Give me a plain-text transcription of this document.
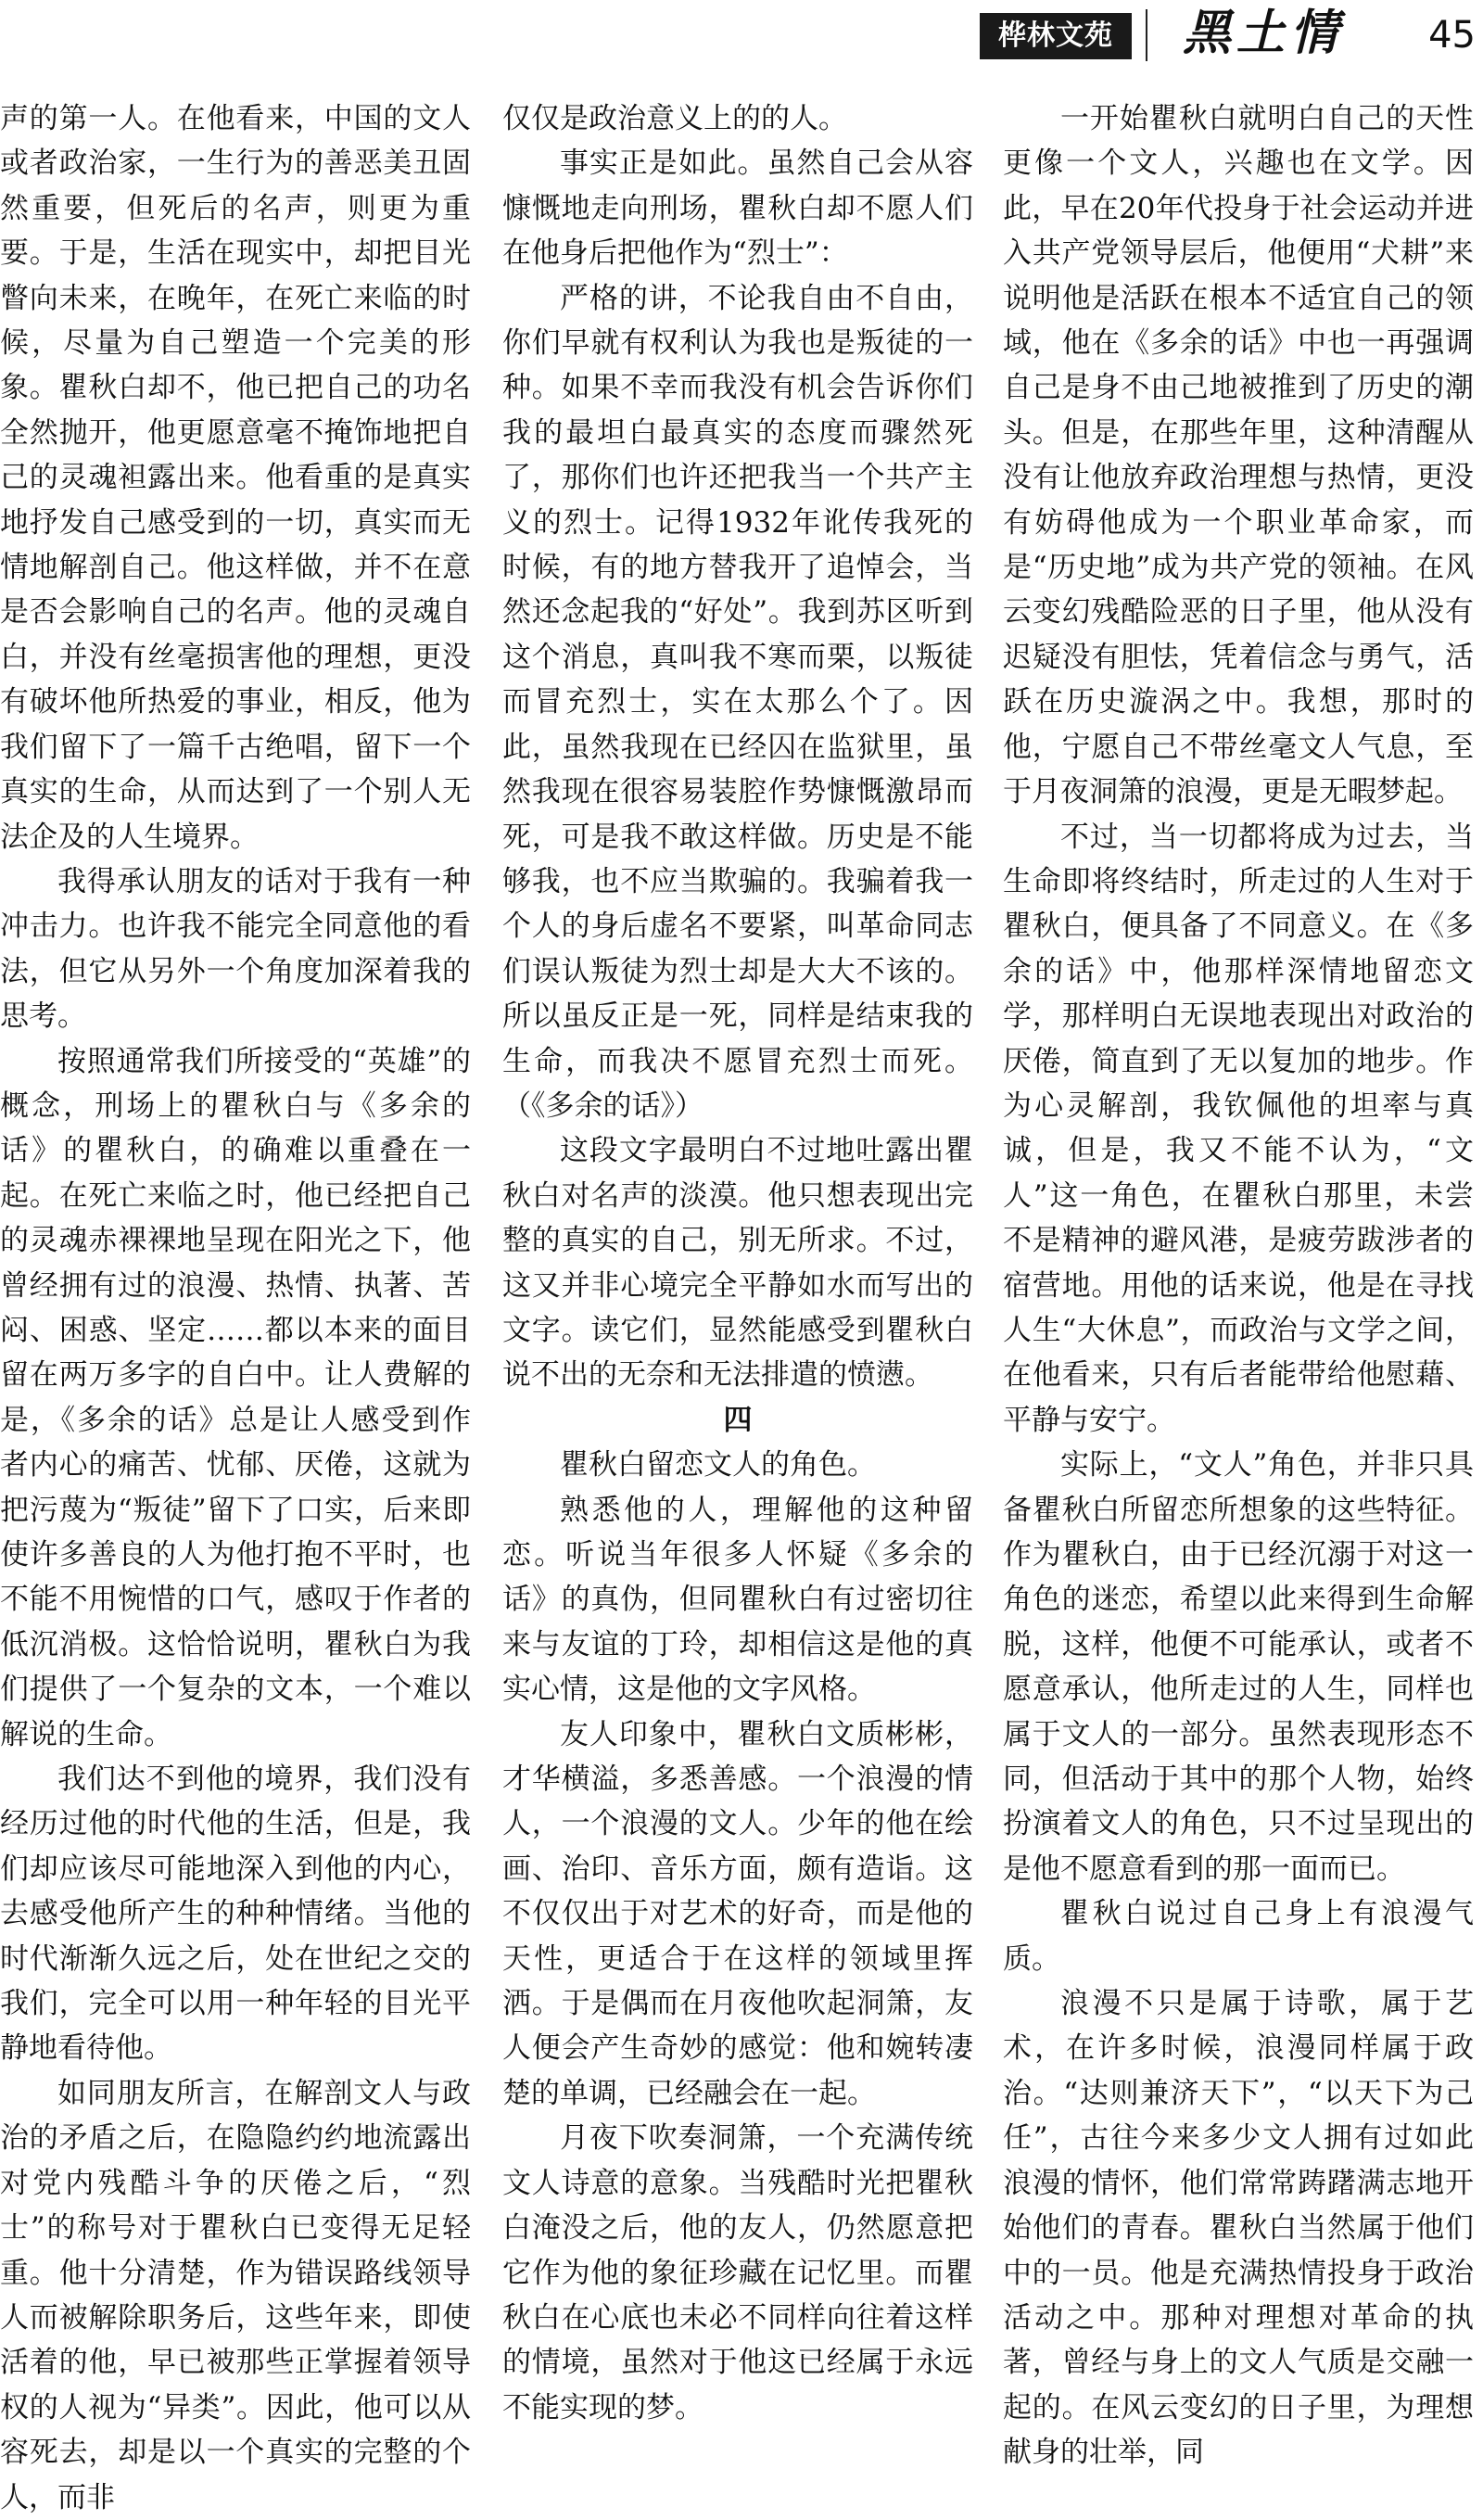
桦林文苑	黑土情	45

声的第一人。在他看来，中国的文人或者政治家，一生行为的善恶美丑固然重要，但死后的名声，则更为重要。于是，生活在现实中，却把目光瞥向未来，在晚年，在死亡来临的时候，尽量为自己塑造一个完美的形象。瞿秋白却不，他已把自己的功名全然抛开，他更愿意毫不掩饰地把自己的灵魂袒露出来。他看重的是真实地抒发自己感受到的一切，真实而无情地解剖自己。他这样做，并不在意是否会影响自己的名声。他的灵魂自白，并没有丝毫损害他的理想，更没有破坏他所热爱的事业，相反，他为我们留下了一篇千古绝唱，留下一个真实的生命，从而达到了一个别人无法企及的人生境界。

我得承认朋友的话对于我有一种冲击力。也许我不能完全同意他的看法，但它从另外一个角度加深着我的思考。

按照通常我们所接受的“英雄”的概念，刑场上的瞿秋白与《多余的话》的瞿秋白，的确难以重叠在一起。在死亡来临之时，他已经把自己的灵魂赤裸裸地呈现在阳光之下，他曾经拥有过的浪漫、热情、执著、苦闷、困惑、坚定……都以本来的面目留在两万多字的自白中。让人费解的是，《多余的话》总是让人感受到作者内心的痛苦、忧郁、厌倦，这就为把污蔑为“叛徒”留下了口实，后来即使许多善良的人为他打抱不平时，也不能不用惋惜的口气，感叹于作者的低沉消极。这恰恰说明，瞿秋白为我们提供了一个复杂的文本，一个难以解说的生命。

我们达不到他的境界，我们没有经历过他的时代他的生活，但是，我们却应该尽可能地深入到他的内心，去感受他所产生的种种情绪。当他的时代渐渐久远之后，处在世纪之交的我们，完全可以用一种年轻的目光平静地看待他。

如同朋友所言，在解剖文人与政治的矛盾之后，在隐隐约约地流露出对党内残酷斗争的厌倦之后，“烈士”的称号对于瞿秋白已变得无足轻重。他十分清楚，作为错误路线领导人而被解除职务后，这些年来，即使活着的他，早已被那些正掌握着领导权的人视为“异类”。因此，他可以从容死去，却是以一个真实的完整的个人，而非

仅仅是政治意义上的的人。

事实正是如此。虽然自己会从容慷慨地走向刑场，瞿秋白却不愿人们在他身后把他作为“烈士”：

严格的讲，不论我自由不自由，你们早就有权利认为我也是叛徒的一种。如果不幸而我没有机会告诉你们我的最坦白最真实的态度而骤然死了，那你们也许还把我当一个共产主义的烈士。记得1932年讹传我死的时候，有的地方替我开了追悼会，当然还念起我的“好处”。我到苏区听到这个消息，真叫我不寒而栗，以叛徒而冒充烈士，实在太那么个了。因此，虽然我现在已经囚在监狱里，虽然我现在很容易装腔作势慷慨激昂而死，可是我不敢这样做。历史是不能够我，也不应当欺骗的。我骗着我一个人的身后虚名不要紧，叫革命同志们误认叛徒为烈士却是大大不该的。所以虽反正是一死，同样是结束我的生命，而我决不愿冒充烈士而死。（《多余的话》）

这段文字最明白不过地吐露出瞿秋白对名声的淡漠。他只想表现出完整的真实的自己，别无所求。不过，这又并非心境完全平静如水而写出的文字。读它们，显然能感受到瞿秋白说不出的无奈和无法排遣的愤懑。

四

瞿秋白留恋文人的角色。

熟悉他的人，理解他的这种留恋。听说当年很多人怀疑《多余的话》的真伪，但同瞿秋白有过密切往来与友谊的丁玲，却相信这是他的真实心情，这是他的文字风格。

友人印象中，瞿秋白文质彬彬，才华横溢，多悉善感。一个浪漫的情人，一个浪漫的文人。少年的他在绘画、治印、音乐方面，颇有造诣。这不仅仅出于对艺术的好奇，而是他的天性，更适合于在这样的领域里挥洒。于是偶而在月夜他吹起洞箫，友人便会产生奇妙的感觉：他和婉转凄楚的单调，已经融会在一起。

月夜下吹奏洞箫，一个充满传统文人诗意的意象。当残酷时光把瞿秋白淹没之后，他的友人，仍然愿意把它作为他的象征珍藏在记忆里。而瞿秋白在心底也未必不同样向往着这样的情境，虽然对于他这已经属于永远不能实现的梦。

一开始瞿秋白就明白自己的天性更像一个文人，兴趣也在文学。因此，早在20年代投身于社会运动并进入共产党领导层后，他便用“犬耕”来说明他是活跃在根本不适宜自己的领域，他在《多余的话》中也一再强调自己是身不由己地被推到了历史的潮头。但是，在那些年里，这种清醒从没有让他放弃政治理想与热情，更没有妨碍他成为一个职业革命家，而是“历史地”成为共产党的领袖。在风云变幻残酷险恶的日子里，他从没有迟疑没有胆怯，凭着信念与勇气，活跃在历史漩涡之中。我想，那时的他，宁愿自己不带丝毫文人气息，至于月夜洞箫的浪漫，更是无暇梦起。

不过，当一切都将成为过去，当生命即将终结时，所走过的人生对于瞿秋白，便具备了不同意义。在《多余的话》中，他那样深情地留恋文学，那样明白无误地表现出对政治的厌倦，简直到了无以复加的地步。作为心灵解剖，我钦佩他的坦率与真诚，但是，我又不能不认为，“文人”这一角色，在瞿秋白那里，未尝不是精神的避风港，是疲劳跋涉者的宿营地。用他的话来说，他是在寻找人生“大休息”，而政治与文学之间，在他看来，只有后者能带给他慰藉、平静与安宁。

实际上，“文人”角色，并非只具备瞿秋白所留恋所想象的这些特征。作为瞿秋白，由于已经沉溺于对这一角色的迷恋，希望以此来得到生命解脱，这样，他便不可能承认，或者不愿意承认，他所走过的人生，同样也属于文人的一部分。虽然表现形态不同，但活动于其中的那个人物，始终扮演着文人的角色，只不过呈现出的是他不愿意看到的那一面而已。

瞿秋白说过自己身上有浪漫气质。

浪漫不只是属于诗歌，属于艺术，在许多时候，浪漫同样属于政治。“达则兼济天下”，“以天下为己任”，古往今来多少文人拥有过如此浪漫的情怀，他们常常踌躇满志地开始他们的青春。瞿秋白当然属于他们中的一员。他是充满热情投身于政治活动之中。那种对理想对革命的执著，曾经与身上的文人气质是交融一起的。在风云变幻的日子里，为理想献身的壮举，同
